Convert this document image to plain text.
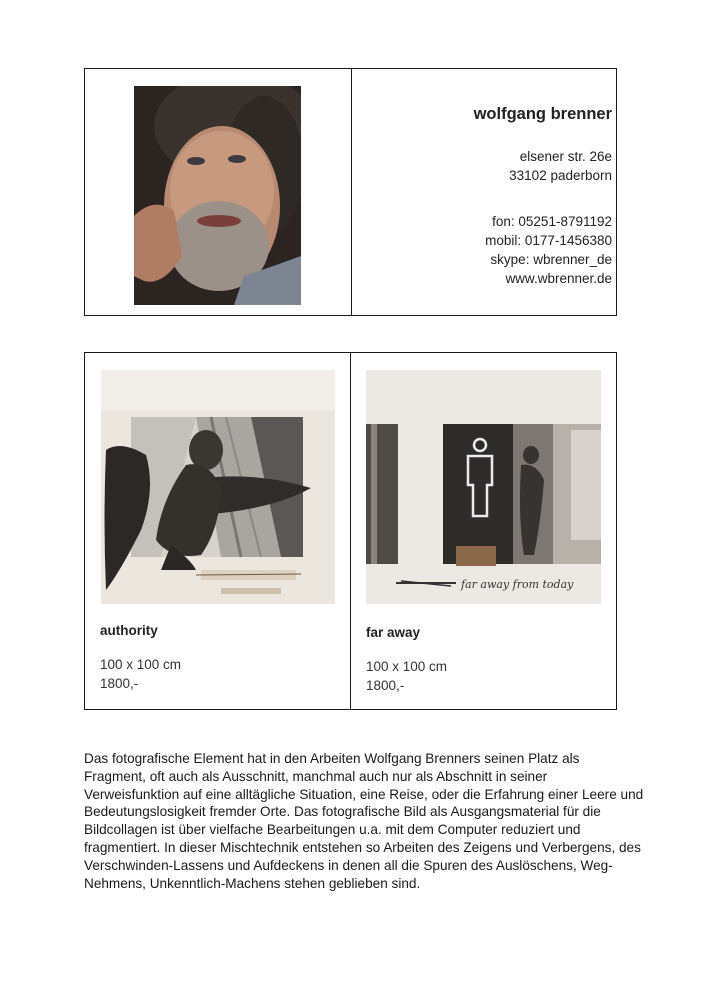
wolfgang brenner
elsener str. 26e
33102 paderborn
fon: 05251-8791192
mobil: 0177-1456380
skype: wbrenner_de
www.wbrenner.de
authority
100 x 100 cm
1800,-
far away from today
far away
100 x 100 cm
1800,-

Das fotografische Element hat in den Arbeiten Wolfgang Brenners seinen Platz als Fragment, oft auch als Ausschnitt, manchmal auch nur als Abschnitt in seiner Verweisfunktion auf eine alltägliche Situation, eine Reise, oder die Erfahrung einer Leere und Bedeutungslosigkeit fremder Orte. Das fotografische Bild als Ausgangsmaterial für die Bildcollagen ist über vielfache Bearbeitungen u.a. mit dem Computer reduziert und fragmentiert. In dieser Mischtechnik entstehen so Arbeiten des Zeigens und Verbergens, des Verschwinden-Lassens und Aufdeckens in denen all die Spuren des Auslöschens, Weg-Nehmens, Unkenntlich-Machens stehen geblieben sind.
